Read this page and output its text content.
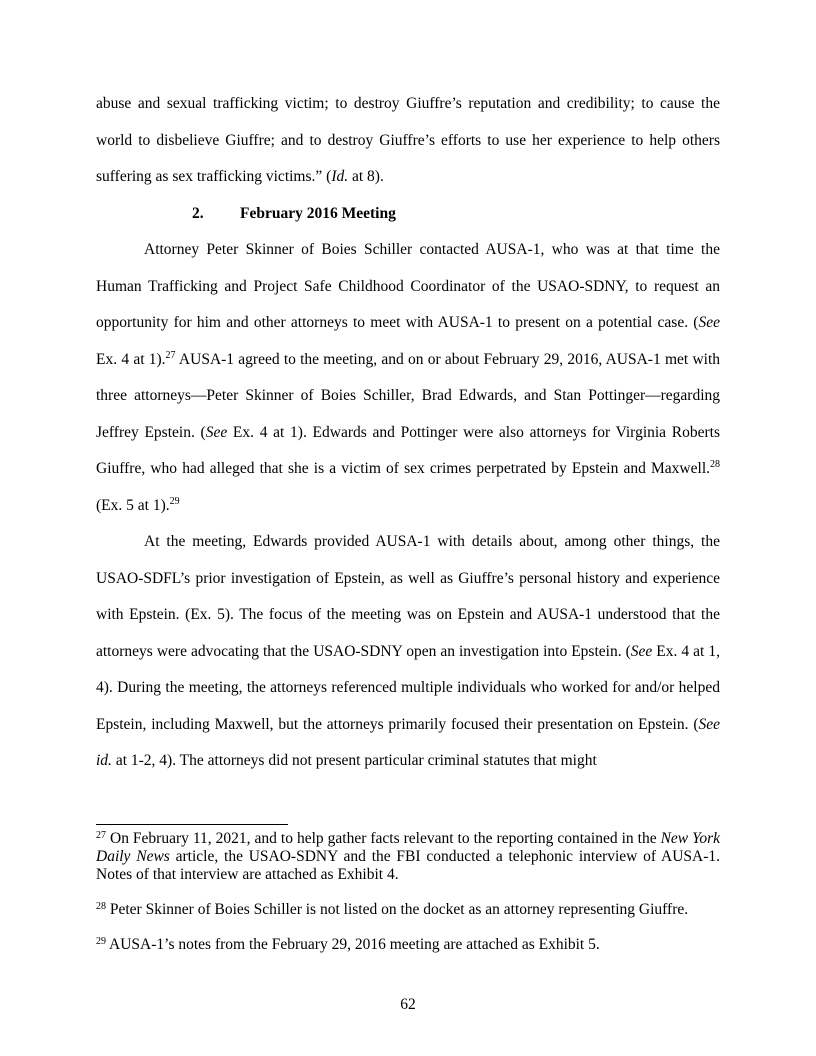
abuse and sexual trafficking victim; to destroy Giuffre’s reputation and credibility; to cause the world to disbelieve Giuffre; and to destroy Giuffre’s efforts to use her experience to help others suffering as sex trafficking victims.” (Id. at 8).

2. February 2016 Meeting

Attorney Peter Skinner of Boies Schiller contacted AUSA-1, who was at that time the Human Trafficking and Project Safe Childhood Coordinator of the USAO-SDNY, to request an opportunity for him and other attorneys to meet with AUSA-1 to present on a potential case. (See Ex. 4 at 1).$^{27}$ AUSA-1 agreed to the meeting, and on or about February 29, 2016, AUSA-1 met with three attorneys—Peter Skinner of Boies Schiller, Brad Edwards, and Stan Pottinger—regarding Jeffrey Epstein. (See Ex. 4 at 1). Edwards and Pottinger were also attorneys for Virginia Roberts Giuffre, who had alleged that she is a victim of sex crimes perpetrated by Epstein and Maxwell.$^{28}$ (Ex. 5 at 1).$^{29}$

At the meeting, Edwards provided AUSA-1 with details about, among other things, the USAO-SDFL’s prior investigation of Epstein, as well as Giuffre’s personal history and experience with Epstein. (Ex. 5). The focus of the meeting was on Epstein and AUSA-1 understood that the attorneys were advocating that the USAO-SDNY open an investigation into Epstein. (See Ex. 4 at 1, 4). During the meeting, the attorneys referenced multiple individuals who worked for and/or helped Epstein, including Maxwell, but the attorneys primarily focused their presentation on Epstein. (See id. at 1-2, 4). The attorneys did not present particular criminal statutes that might

$^{27}$ On February 11, 2021, and to help gather facts relevant to the reporting contained in the New York Daily News article, the USAO-SDNY and the FBI conducted a telephonic interview of AUSA-1. Notes of that interview are attached as Exhibit 4.

$^{28}$ Peter Skinner of Boies Schiller is not listed on the docket as an attorney representing Giuffre.

$^{29}$ AUSA-1’s notes from the February 29, 2016 meeting are attached as Exhibit 5.

62
